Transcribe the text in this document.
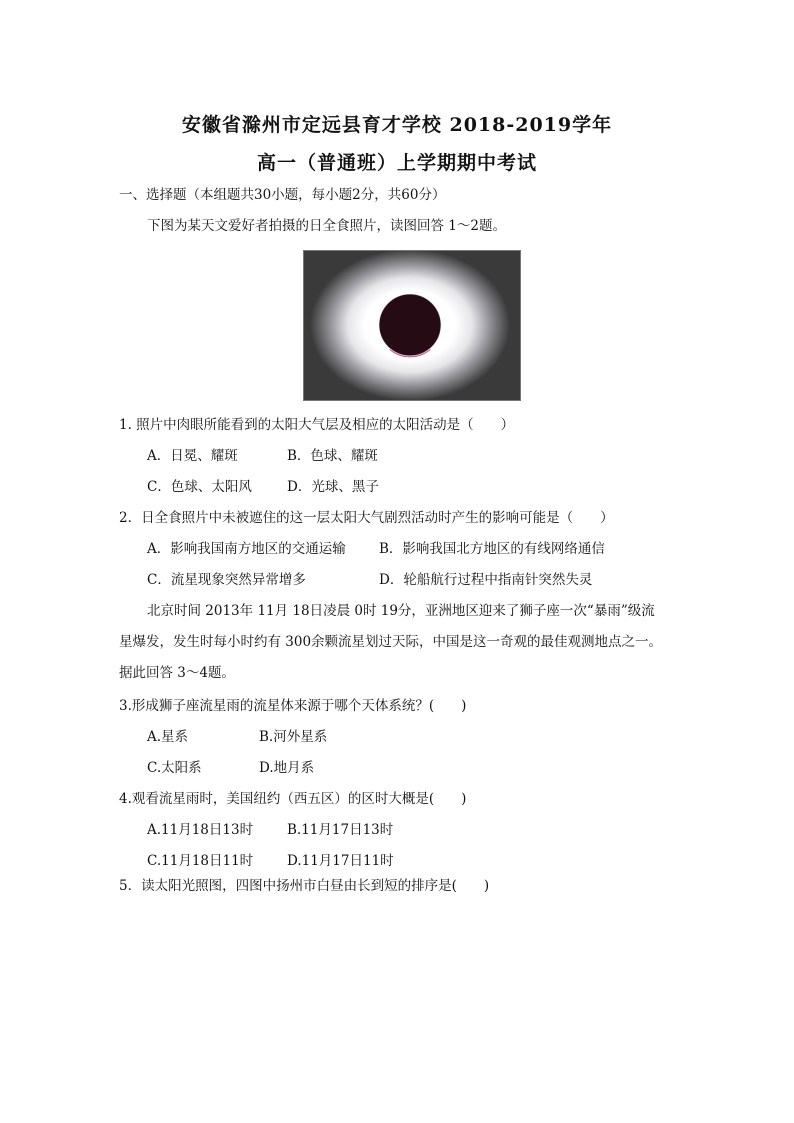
安徽省滁州市定远县育才学校 2018-2019学年
高一（普通班）上学期期中考试
一、选择题（本组题共30小题，每小题2分，共60分）
下图为某天文爱好者拍摄的日全食照片，读图回答 1～2题。
1. 照片中肉眼所能看到的太阳大气层及相应的太阳活动是（　　）
A．日冕、耀斑	B．色球、耀斑
C．色球、太阳风	D．光球、黑子
2．日全食照片中未被遮住的这一层太阳大气剧烈活动时产生的影响可能是（　　）
A．影响我国南方地区的交通运输 B．影响我国北方地区的有线网络通信
C．流星现象突然异常增多	D．轮船航行过程中指南针突然失灵
北京时间 2013年 11月 18日凌晨 0时 19分，亚洲地区迎来了狮子座一次“暴雨”级流
星爆发，发生时每小时约有 300余颗流星划过天际，中国是这一奇观的最佳观测地点之一。
据此回答 3～4题。
3.形成狮子座流星雨的流星体来源于哪个天体系统？(　　)
A.星系	B.河外星系
C.太阳系	D.地月系
4.观看流星雨时，美国纽约（西五区）的区时大概是(　　)
A.11月18日13时	B.11月17日13时
C.11月18日11时	D.11月17日11时
5．读太阳光照图，四图中扬州市白昼由长到短的排序是(　　)
